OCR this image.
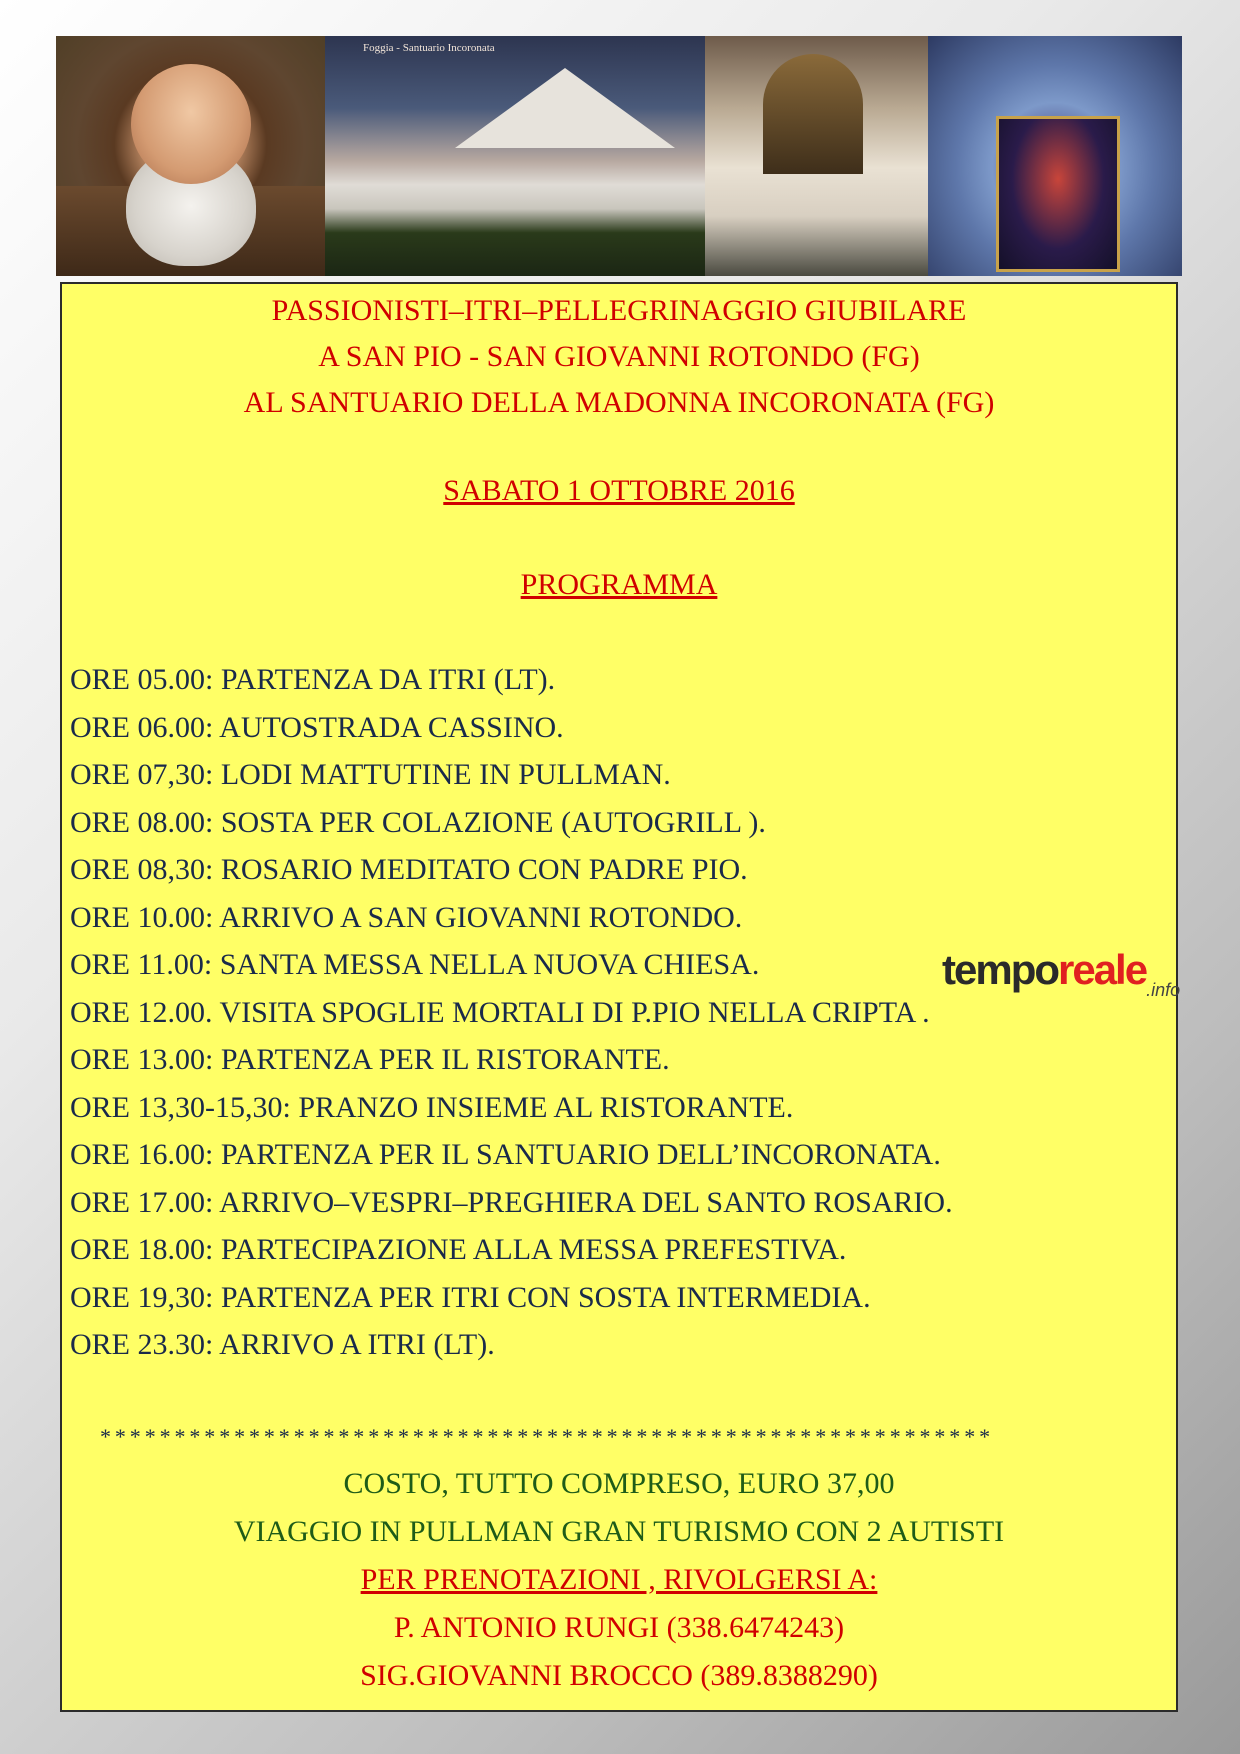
Foggia - Santuario Incoronata

PASSIONISTI–ITRI–PELLEGRINAGGIO GIUBILARE

A SAN PIO - SAN GIOVANNI ROTONDO (FG)

AL SANTUARIO DELLA MADONNA INCORONATA (FG)

SABATO 1 OTTOBRE 2016
PROGRAMMA
ORE 05.00: PARTENZA DA ITRI (LT).
ORE 06.00: AUTOSTRADA CASSINO.
ORE 07,30: LODI MATTUTINE IN PULLMAN.
ORE 08.00: SOSTA PER COLAZIONE (AUTOGRILL ).
ORE 08,30: ROSARIO MEDITATO CON PADRE PIO.
ORE 10.00: ARRIVO A SAN GIOVANNI ROTONDO.
ORE 11.00: SANTA MESSA NELLA NUOVA CHIESA.
ORE 12.00. VISITA SPOGLIE MORTALI DI P.PIO NELLA CRIPTA .
ORE 13.00: PARTENZA PER IL RISTORANTE.
ORE 13,30-15,30: PRANZO INSIEME AL RISTORANTE.
ORE 16.00: PARTENZA PER IL SANTUARIO DELL’INCORONATA.
ORE 17.00: ARRIVO–VESPRI–PREGHIERA DEL SANTO ROSARIO.
ORE 18.00: PARTECIPAZIONE ALLA MESSA PREFESTIVA.
ORE 19,30: PARTENZA PER ITRI CON SOSTA INTERMEDIA.
ORE 23.30: ARRIVO A ITRI (LT).
temporeale$_{.info}$
************************************************************

COSTO, TUTTO COMPRESO, EURO 37,00

VIAGGIO IN PULLMAN GRAN TURISMO CON 2 AUTISTI

PER PRENOTAZIONI , RIVOLGERSI A:

P. ANTONIO RUNGI (338.6474243)

SIG.GIOVANNI BROCCO (389.8388290)
